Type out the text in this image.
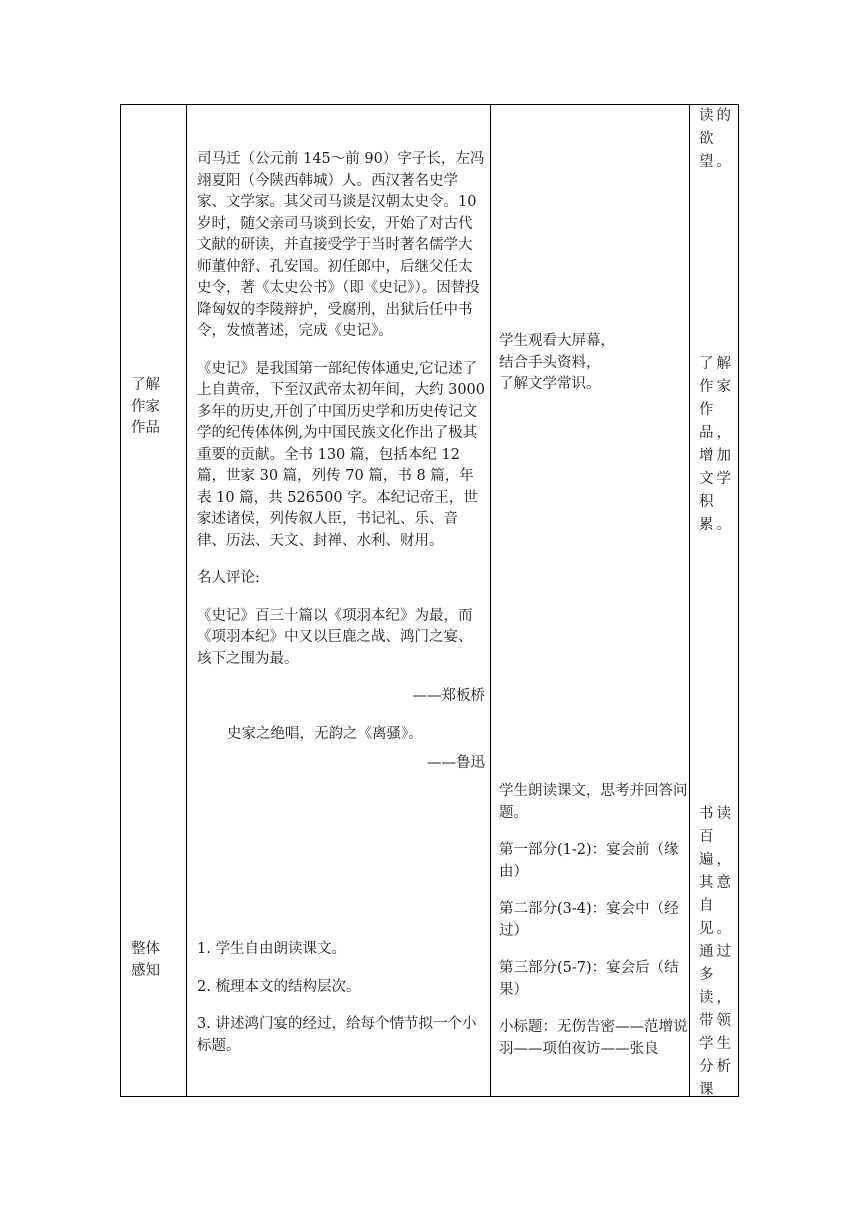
了解
作家
作品
整体
感知

司马迁（公元前 145～前 90）字子长，左冯翊夏阳（今陕西韩城）人。西汉著名史学家、文学家。其父司马谈是汉朝太史令。10 岁时，随父亲司马谈到长安，开始了对古代文献的研读，并直接受学于当时著名儒学大师董仲舒、孔安国。初任郎中，后继父任太史令，著《太史公书》（即《史记》）。因替投降匈奴的李陵辩护，受腐刑，出狱后任中书令，发愤著述，完成《史记》。

《史记》是我国第一部纪传体通史,它记述了上自黄帝，下至汉武帝太初年间，大约 3000 多年的历史,开创了中国历史学和历史传记文学的纪传体体例,为中国民族文化作出了极其重要的贡献。全书 130 篇，包括本纪 12 篇，世家 30 篇，列传 70 篇，书 8 篇，年表 10 篇，共 526500 字。本纪记帝王，世家述诸侯，列传叙人臣，书记礼、乐、音律、历法、天文、封禅、水利、财用。

名人评论:

《史记》百三十篇以《项羽本纪》为最，而《项羽本纪》中又以巨鹿之战、鸿门之宴、垓下之围为最。

——郑板桥

史家之绝唱，无韵之《离骚》。

——鲁迅

1. 学生自由朗读课文。

2. 梳理本文的结构层次。

3. 讲述鸿门宴的经过，给每个情节拟一个小标题。

学生观看大屏幕，
结合手头资料，
了解文学常识。

学生朗读课文，思考并回答问题。

第一部分(1-2)：宴会前（缘由）

第二部分(3-4)：宴会中（经过）

第三部分(5-7)：宴会后（结果）

小标题：无伤告密——范增说羽——项伯夜访——张良

读的欲望。
了解作家作品，增加文学积累。
书读百遍，其意自见。通过多读，带领学生分析课
